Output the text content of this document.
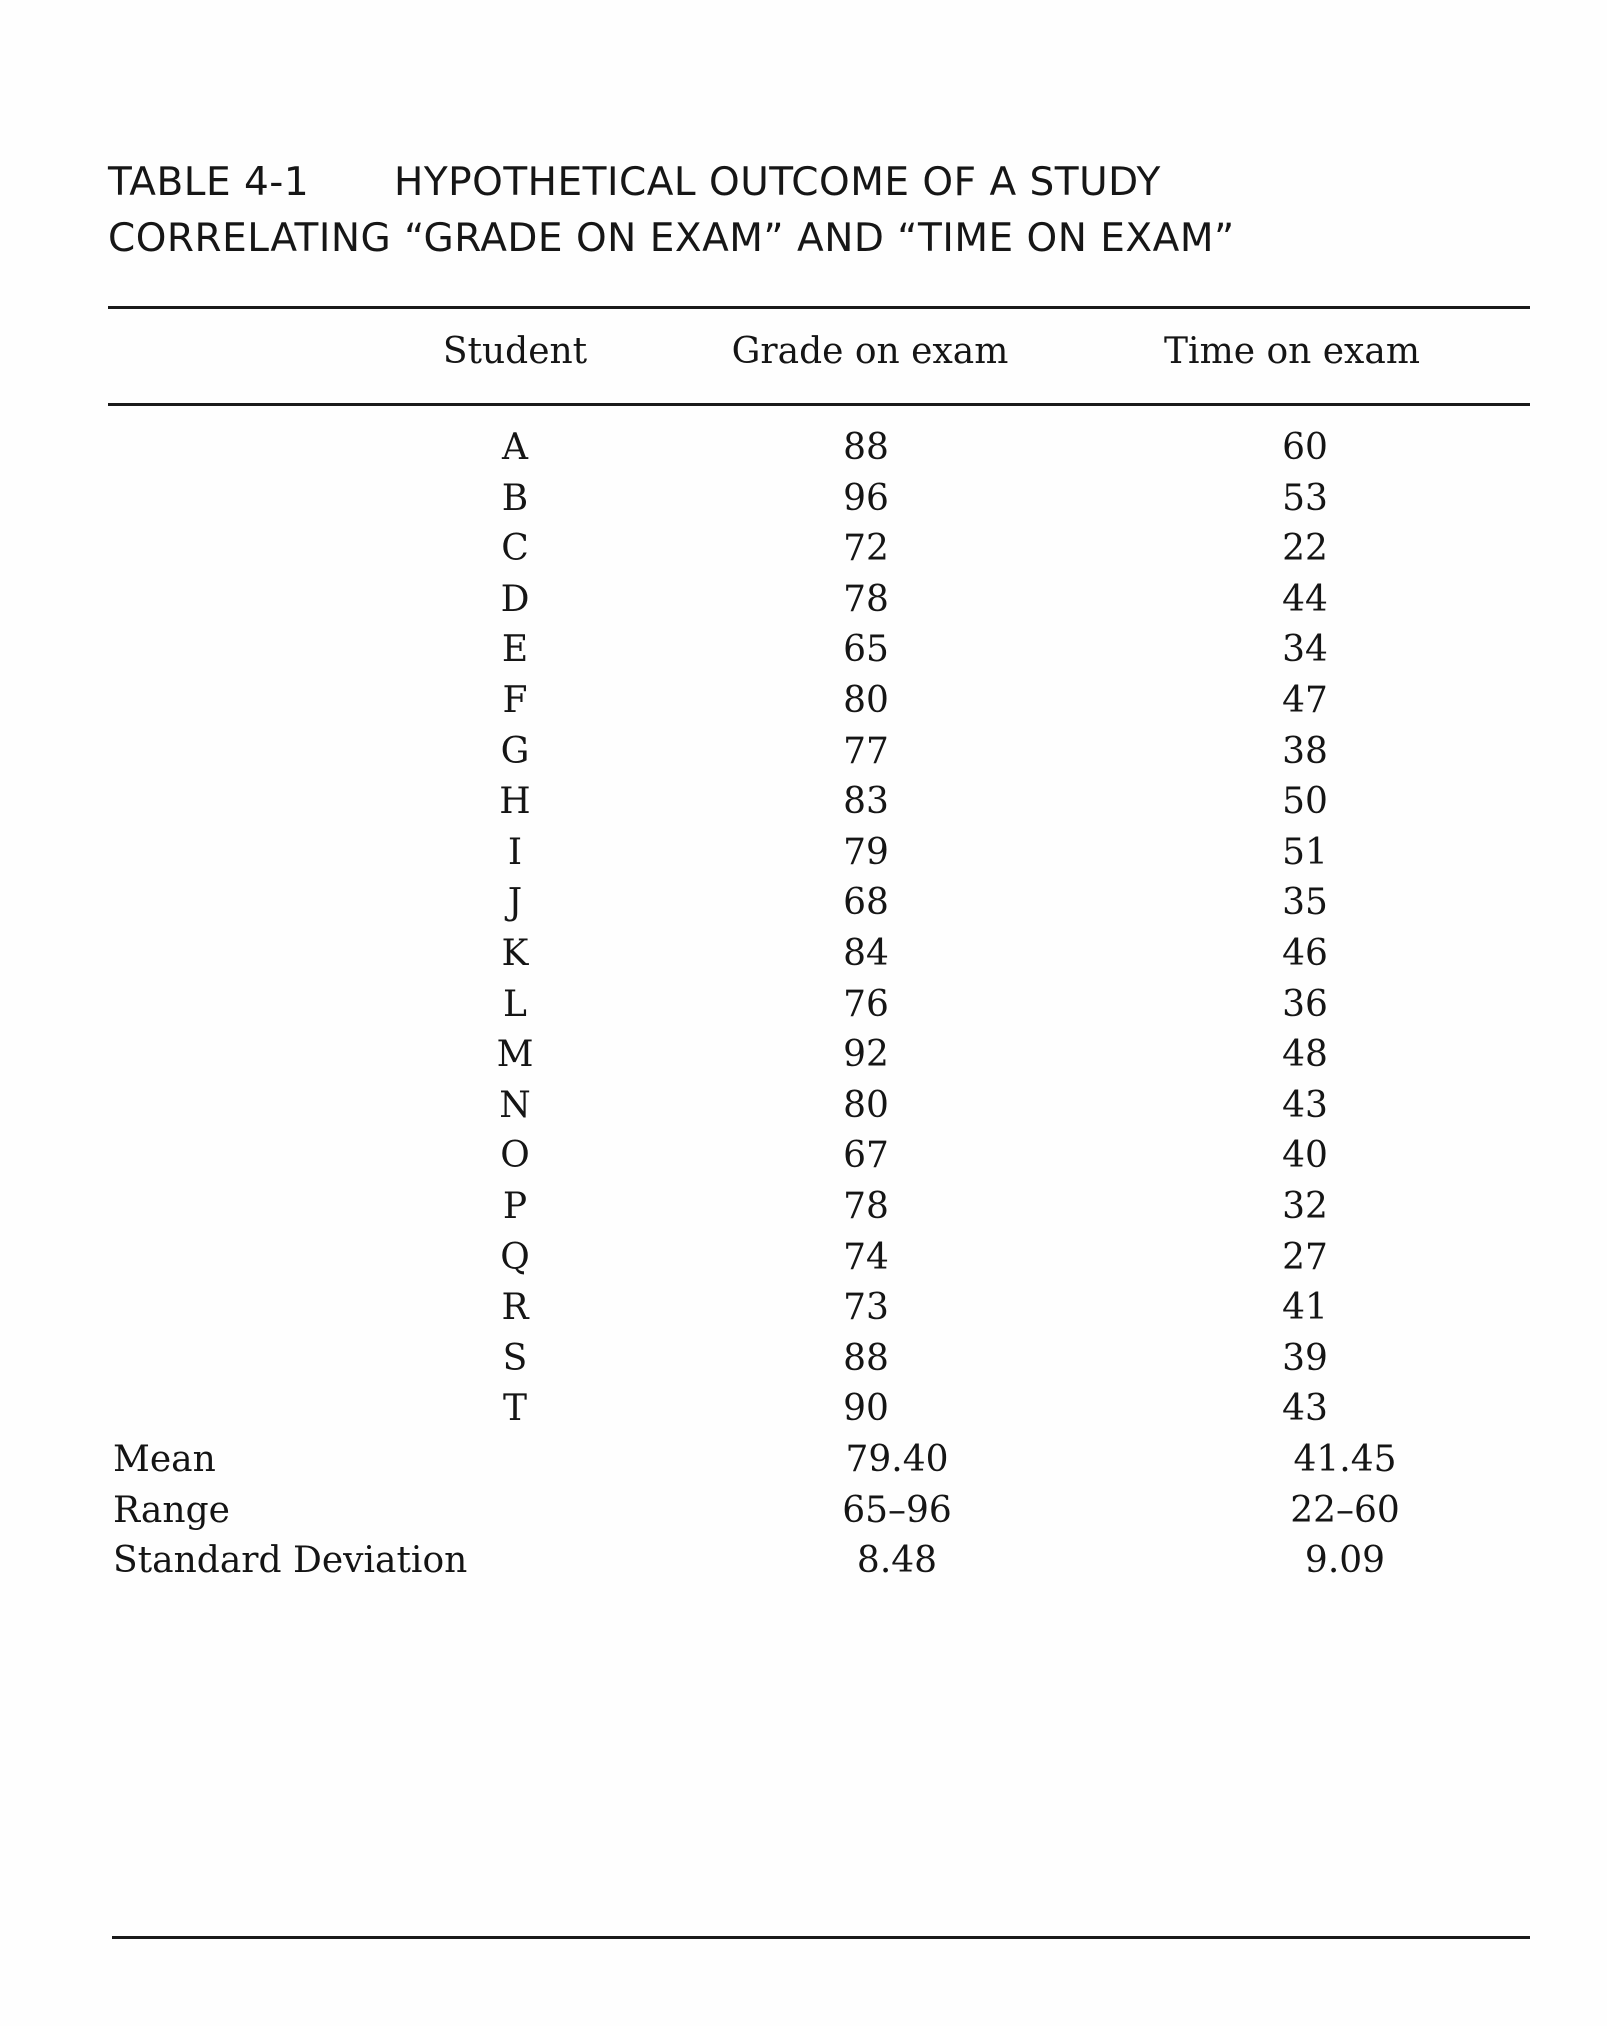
TABLE 4-1 HYPOTHETICAL OUTCOME OF A STUDY
CORRELATING “GRADE ON EXAM” AND “TIME ON EXAM”
Student	Grade on exam	Time on exam
A	88	60
B	96	53
C	72	22
D	78	44
E	65	34
F	80	47
G	77	38
H	83	50
I	79	51
J	68	35
K	84	46
L	76	36
M	92	48
N	80	43
O	67	40
P	78	32
Q	74	27
R	73	41
S	88	39
T	90	43
Mean	79.40	41.45
Range	65–96	22–60
Standard Deviation	8.48	9.09
